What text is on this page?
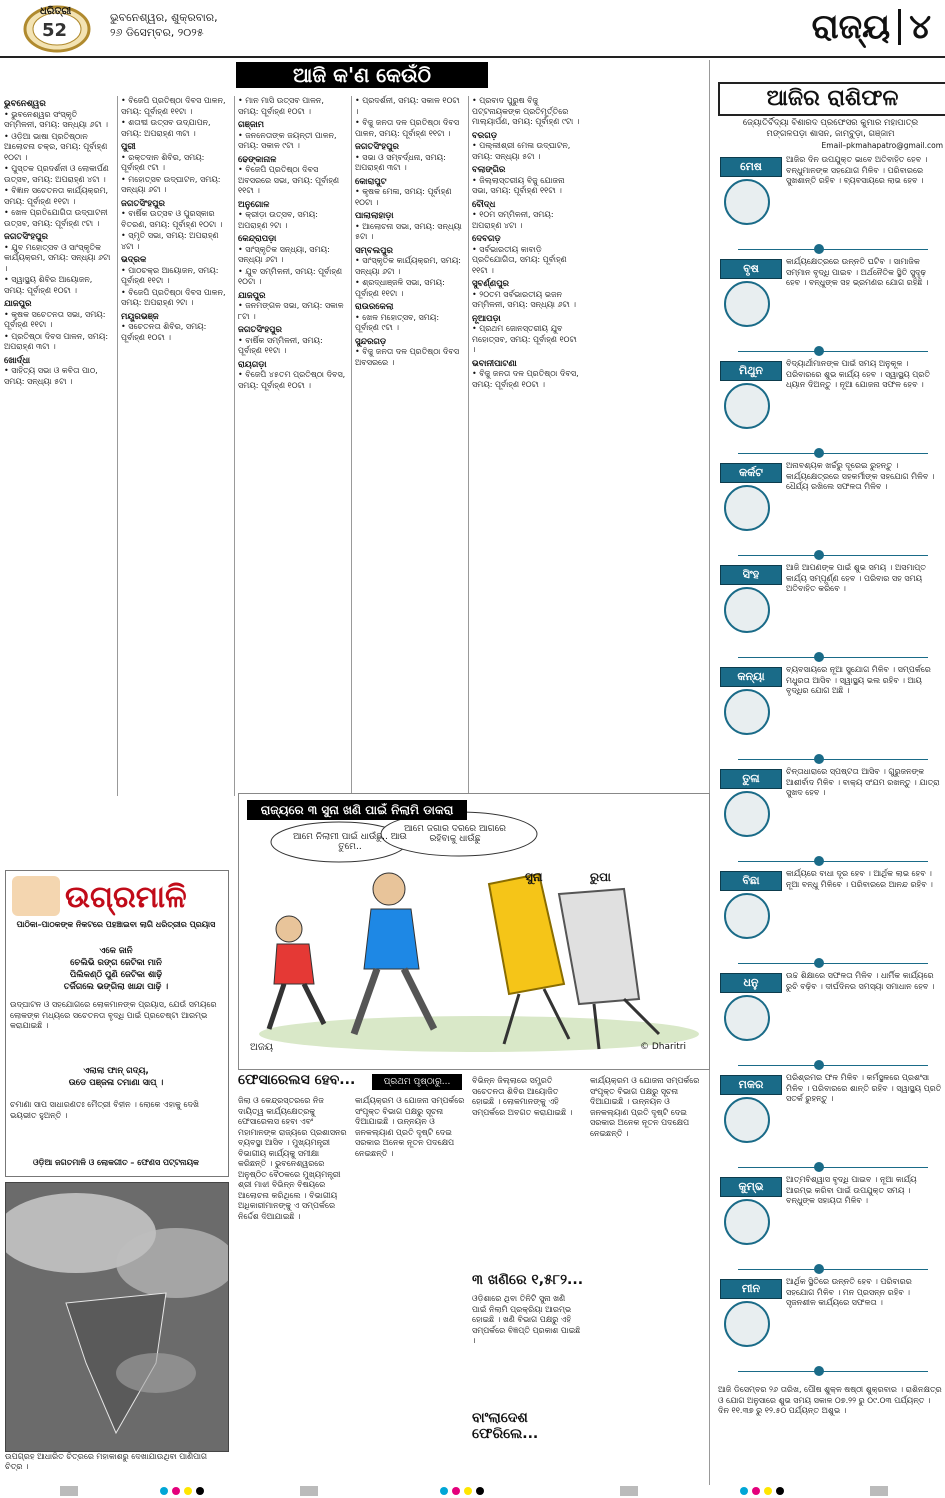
ଧରିତ୍ରୀ
52
ଭୁବନେଶ୍ୱର, ଶୁକ୍ରବାର,
୨୬ ଡିସେମ୍ବର, ୨୦୨୫	ରାଜ୍ୟ ୪
ଆଜି କ'ଣ କେଉଁଠି
ଭୁବନେଶ୍ୱର
• ଭୁବନେଶ୍ୱର ସଂସ୍କୃତି ସମ୍ମିଳନୀ, ସମୟ: ସନ୍ଧ୍ୟା ୬ଟା ।
• ଓଡ଼ିଆ ଭାଷା ପ୍ରତିଷ୍ଠାନ ଆଲୋଚନା ଚକ୍ର, ସମୟ: ପୂର୍ବାହ୍ଣ ୧୦ଟା ।
• ପୁସ୍ତକ ପ୍ରଦର୍ଶନୀ ଓ ଲୋକାର୍ପଣ ଉତ୍ସବ, ସମୟ: ଅପରାହ୍ଣ ୪ଟା ।
• ବିଜ୍ଞାନ ସଚେତନତା କାର୍ଯ୍ୟକ୍ରମ, ସମୟ: ପୂର୍ବାହ୍ଣ ୧୧ଟା ।
• ଖେଳ ପ୍ରତିଯୋଗିତା ଉଦ୍‌ଘାଟନୀ ଉତ୍ସବ, ସମୟ: ପୂର୍ବାହ୍ଣ ୯ଟା ।
ଜଗତସିଂହପୁର
• ଯୁବ ମହୋତ୍ସବ ଓ ସାଂସ୍କୃତିକ କାର୍ଯ୍ୟକ୍ରମ, ସମୟ: ସନ୍ଧ୍ୟା ୬ଟା ।
• ସ୍ୱାସ୍ଥ୍ୟ ଶିବିର ଆୟୋଜନ, ସମୟ: ପୂର୍ବାହ୍ଣ ୧୦ଟା ।
ଯାଜପୁର
• କୃଷକ ସଚେତନତା ସଭା, ସମୟ: ପୂର୍ବାହ୍ଣ ୧୧ଟା ।
• ପ୍ରତିଷ୍ଠା ଦିବସ ପାଳନ, ସମୟ: ଅପରାହ୍ଣ ୩ଟା ।
ଖୋର୍ଦ୍ଧା
• ସାହିତ୍ୟ ସଭା ଓ କବିତା ପାଠ, ସମୟ: ସନ୍ଧ୍ୟା ୫ଟା ।
• ବିଜେପି ପ୍ରତିଷ୍ଠା ଦିବସ ପାଳନ, ସମୟ: ପୂର୍ବାହ୍ଣ ୧୧ଟା ।
• ଶତାବ୍ଦୀ ଉତ୍ସବ ଉଦ୍‌ଯାପନ, ସମୟ: ଅପରାହ୍ଣ ୩ଟା ।
ପୁରୀ
• ରକ୍ତଦାନ ଶିବିର, ସମୟ: ପୂର୍ବାହ୍ଣ ୯ଟା ।
• ମହୋତ୍ସବ ଉଦ୍‌ଘାଟନ, ସମୟ: ସନ୍ଧ୍ୟା ୬ଟା ।
ଜଗତସିଂହପୁର
• ବାର୍ଷିକ ଉତ୍ସବ ଓ ପୁରସ୍କାର ବିତରଣ, ସମୟ: ପୂର୍ବାହ୍ଣ ୧୦ଟା ।
• ସ୍ମୃତି ସଭା, ସମୟ: ଅପରାହ୍ଣ ୪ଟା ।
ଭଦ୍ରକ
• ପାଠଚକ୍ର ଆୟୋଜନ, ସମୟ: ପୂର୍ବାହ୍ଣ ୧୧ଟା ।
• ବିଜେପି ପ୍ରତିଷ୍ଠା ଦିବସ ପାଳନ, ସମୟ: ଅପରାହ୍ଣ ୨ଟା ।
ମୟୂରଭଞ୍ଜ
• ସଚେତନତା ଶିବିର, ସମୟ: ପୂର୍ବାହ୍ଣ ୧୦ଟା ।
• ମାନ ମାସି ଉତ୍ସବ ପାଳନ, ସମୟ: ପୂର୍ବାହ୍ଣ ୧୦ଟା ।
ଗଞ୍ଜାମ
• ଜନନେତାଙ୍କ ଜୟନ୍ତୀ ପାଳନ, ସମୟ: ସକାଳ ୯ଟା ।
ଢେଙ୍କାନାଳ
• ବିଜେପି ପ୍ରତିଷ୍ଠା ଦିବସ ଅବସରରେ ସଭା, ସମୟ: ପୂର୍ବାହ୍ଣ ୧୧ଟା ।
ଅନୁଗୋଳ
• କ୍ରୀଡ଼ା ଉତ୍ସବ, ସମୟ: ଅପରାହ୍ଣ ୨ଟା ।
କେନ୍ଦ୍ରାପଡ଼ା
• ସାଂସ୍କୃତିକ ସନ୍ଧ୍ୟା, ସମୟ: ସନ୍ଧ୍ୟା ୬ଟା ।
• ଯୁବ ସମ୍ମିଳନୀ, ସମୟ: ପୂର୍ବାହ୍ଣ ୧୦ଟା ।
ଯାଜପୁର
• ଜନମଙ୍ଗଳ ସଭା, ସମୟ: ସକାଳ ୮ଟା ।
ଜଗତସିଂହପୁର
• ବାର୍ଷିକ ସମ୍ମିଳନୀ, ସମୟ: ପୂର୍ବାହ୍ଣ ୧୧ଟା ।
ରାୟଗଡ଼ା
• ବିଜେପି ୪୫ତମ ପ୍ରତିଷ୍ଠା ଦିବସ, ସମୟ: ପୂର୍ବାହ୍ଣ ୧୦ଟା ।
• ପ୍ରଦର୍ଶନୀ, ସମୟ: ସକାଳ ୧୦ଟା ।
• ବିଜୁ ଜନତା ଦଳ ପ୍ରତିଷ୍ଠା ଦିବସ ପାଳନ, ସମୟ: ପୂର୍ବାହ୍ଣ ୧୧ଟା ।
ଜଗତସିଂହପୁର
• ସଭା ଓ ସମ୍ବର୍ଦ୍ଧନା, ସମୟ: ଅପରାହ୍ଣ ୩ଟା ।
କୋରାପୁଟ
• କୃଷକ ମେଳା, ସମୟ: ପୂର୍ବାହ୍ଣ ୧୦ଟା ।
ପାଲାଲାହାଡ଼ା
• ଆଲୋଚନା ସଭା, ସମୟ: ସନ୍ଧ୍ୟା ୫ଟା ।
ସମ୍ବଲପୁର
• ସାଂସ୍କୃତିକ କାର୍ଯ୍ୟକ୍ରମ, ସମୟ: ସନ୍ଧ୍ୟା ୬ଟା ।
• ଶ୍ରଦ୍ଧାଞ୍ଜଳି ସଭା, ସମୟ: ପୂର୍ବାହ୍ଣ ୧୧ଟା ।
ରାଉରକେଲା
• ଖେଳ ମହୋତ୍ସବ, ସମୟ: ପୂର୍ବାହ୍ଣ ୯ଟା ।
ସୁନ୍ଦରଗଡ଼
• ବିଜୁ ଜନତା ଦଳ ପ୍ରତିଷ୍ଠା ଦିବସ ଅବସରରେ ।
• ପ୍ରବାଦ ପୁରୁଷ ବିଜୁ ପଟ୍ଟନାୟକଙ୍କ ପ୍ରତିମୂର୍ତ୍ତିରେ ମାଲ୍ୟାର୍ପଣ, ସମୟ: ପୂର୍ବାହ୍ଣ ୯ଟା ।
ବରଗଡ଼
• ପଲ୍ଲୀଶ୍ରୀ ମେଳା ଉଦ୍‌ଘାଟନ, ସମୟ: ସନ୍ଧ୍ୟା ୫ଟା ।
ବଲାଙ୍ଗିର
• ଜିଲ୍ଲାସ୍ତରୀୟ ବିଜୁ ଯୋଜନା ସଭା, ସମୟ: ପୂର୍ବାହ୍ଣ ୧୧ଟା ।
ବୌଦ୍ଧ
• ୧୦ମ ସମ୍ମିଳନୀ, ସମୟ: ଅପରାହ୍ଣ ୪ଟା ।
ଦେବଗଡ଼
• ସର୍ବଭାରତୀୟ କାବାଡ଼ି ପ୍ରତିଯୋଗିତା, ସମୟ: ପୂର୍ବାହ୍ଣ ୧୧ଟା ।
ସୁବର୍ଣ୍ଣପୁର
• ୨୦ତମ ସର୍ବଭାରତୀୟ ଭଜନ ସମ୍ମିଳନୀ, ସମୟ: ସନ୍ଧ୍ୟା ୬ଟା ।
ନୂଆପଡ଼ା
• ପ୍ରଥମ ଜୋନସ୍ତରୀୟ ଯୁବ ମହୋତ୍ସବ, ସମୟ: ପୂର୍ବାହ୍ଣ ୧୦ଟା ।
ଭବାନୀପାଟଣା
• ବିଜୁ ଜନତା ଦଳ ପ୍ରତିଷ୍ଠା ଦିବସ, ସମୟ: ପୂର୍ବାହ୍ଣ ୧୦ଟା ।
ରାଜ୍ୟରେ ୩ ସୁନା ଖଣି ପାଇଁ ନିଲାମି ଡାକରା
ଆମେ ନିଲାମୀ ପାଇଁ ଧାଉଁଛୁ.. ଆଉ ତୁମେ..
ଆମେ ଜଗାର ଦରରେ ଆଗରେ ରହିବାକୁ ଧାଉଁଛୁ
ସୁନା	ରୁପା
© Dharitri
ଅଜୟ
ଉଗ୍ରମାଳି
ପାଠିକା–ପାଠକଙ୍କ ନିକଟରେ ପହଞ୍ଚାଇବା ଲାଗି ଧରିତ୍ରୀର ପ୍ରୟାସ
ଏକେ ଜାନି
ଚେଲିଭି ରଙ୍ଗ ଜେଟିକା ମାନି
ପିଲିକଣ୍ଠି ପୁଣି ଜେଟିକା ଶାଢ଼ି
ତର୍ଜିଗଲେ ଭଙ୍ଗିଲା ଖାନ୍ଦା ପାଢ଼ି ।
ଉଦ୍‌ଘାଟନ ଓ ସହଯୋଗରେ ଲୋକମାନଙ୍କ ପ୍ରୟାସ, ଯେଉଁ ସମୟରେ ଲୋକଙ୍କ ମଧ୍ୟରେ ସଚେତନତା ବୃଦ୍ଧି ପାଇଁ ପ୍ରଚେଷ୍ଟା ଆରମ୍ଭ କରାଯାଇଛି ।
ଏଲାଲା ଫାନ୍‌ ଗଦ୍ୟ,
ଉଡେ ପଞ୍ଜଳା ତମାଣା ସାପ୍‌ ।
ଚମାଣା ସାପ ସାଧାରଣତଃ ମୈତ୍ରୀ ବିହୀନ । ଲୋକେ ଏହାକୁ ଦେଖି ଭୟଭୀତ ହୁଅନ୍ତି ।
ଓଡ଼ିଆ ଜଗତମାଳି ଓ ଲୋକଗୀତ – ଫେଣସ ପଟ୍ଟନାୟକ
ଉପଗ୍ରହ ଆଧାରିତ ଚିତ୍ରରେ ମହାକାଶରୁ ଦେଖାଯାଉଥିବା ପାଣିପାଗ ଚିତ୍ର ।
ଫେସାରେଲସ ହେବ...	ପ୍ରଥମ ପୃଷ୍ଠାରୁ...
ଜିଲା ଓ କେନ୍ଦ୍ରସ୍ତରରେ ନିଜ ଦାୟିତ୍ୱ କାର୍ଯ୍ୟକ୍ଷେତ୍ରକୁ ଫେସାରେଲସ ହେବା ଏବଂ ମହାମାନଙ୍କ ରାଜ୍ୟରେ ପ୍ରଶାସନର ବ୍ୟବସ୍ଥା ଆସିବ । ମୁଖ୍ୟମନ୍ତ୍ରୀ ବିଭାଗୀୟ କାର୍ଯ୍ୟକୁ ସମୀକ୍ଷା କରିଛନ୍ତି । ଭୁବନେଶ୍ୱରରେ ଅନୁଷ୍ଠିତ ବୈଠକରେ ମୁଖ୍ୟମନ୍ତ୍ରୀ ଶ୍ରୀ ମାଝୀ ବିଭିନ୍ନ ବିଷୟରେ ଆଲୋଚନା କରିଥିଲେ । ବିଭାଗୀୟ ଅଧିକାରୀମାନଙ୍କୁ ଏ ସମ୍ପର୍କରେ ନିର୍ଦ୍ଦେଶ ଦିଆଯାଇଛି ।
କାର୍ଯ୍ୟକ୍ରମ ଓ ଯୋଜନା ସମ୍ପର୍କରେ ସଂପୃକ୍ତ ବିଭାଗ ପକ୍ଷରୁ ସୂଚନା ଦିଆଯାଇଛି । ଉନ୍ନୟନ ଓ ଜନକଲ୍ୟାଣ ପ୍ରତି ଦୃଷ୍ଟି ଦେଇ ସରକାର ଅନେକ ନୂତନ ପଦକ୍ଷେପ ନେଇଛନ୍ତି ।
ବିଭିନ୍ନ ଜିଲ୍ଲାରେ ସମ୍ପ୍ରତି ସଚେତନତା ଶିବିର ଆୟୋଜିତ ହୋଇଛି । ଲୋକମାନଙ୍କୁ ଏହି ସମ୍ପର୍କରେ ଅବଗତ କରାଯାଇଛି ।
୩ ଖଣିରେ ୧,୫୮୨...
ଓଡ଼ିଶାରେ ଥିବା ତିନିଟି ସୁନା ଖଣି ପାଇଁ ନିଲାମି ପ୍ରକ୍ରିୟା ଆରମ୍ଭ ହୋଇଛି । ଖଣି ବିଭାଗ ପକ୍ଷରୁ ଏହି ସମ୍ପର୍କରେ ବିଜ୍ଞପ୍ତି ପ୍ରକାଶ ପାଇଛି ।
ବାଂଲାଦେଶ ଫେରିଲେ...
କାର୍ଯ୍ୟକ୍ରମ ଓ ଯୋଜନା ସମ୍ପର୍କରେ ସଂପୃକ୍ତ ବିଭାଗ ପକ୍ଷରୁ ସୂଚନା ଦିଆଯାଇଛି । ଉନ୍ନୟନ ଓ ଜନକଲ୍ୟାଣ ପ୍ରତି ଦୃଷ୍ଟି ଦେଇ ସରକାର ଅନେକ ନୂତନ ପଦକ୍ଷେପ ନେଇଛନ୍ତି ।
ଆଜିର ରାଶିଫଳ
ଜ୍ୟୋତିର୍ବିଦ୍ୟା ବିଶାରଦ ପ୍ରଫେସର କୁମାର ମହାପାତ୍ର
ମଙ୍ଗଳପଡ଼ା ଶାସନ, ଜାମ୍ବୁଡ଼ା, ଗଞ୍ଜାମ
Email–pkmahapatro@gmail.com
ମେଷ
ଆଜିର ଦିନ ଉପଯୁକ୍ତ ଭାବେ ଅତିବାହିତ ହେବ । ବନ୍ଧୁମାନଙ୍କ ସହଯୋଗ ମିଳିବ । ପରିବାରରେ ସୁଖଶାନ୍ତି ରହିବ । ବ୍ୟବସାୟରେ ଲାଭ ହେବ ।
ବୃଷ
କାର୍ଯ୍ୟକ୍ଷେତ୍ରରେ ଉନ୍ନତି ଘଟିବ । ସାମାଜିକ ସମ୍ମାନ ବୃଦ୍ଧି ପାଇବ । ଅର୍ଥନୈତିକ ସ୍ଥିତି ସୁଦୃଢ଼ ହେବ । ବନ୍ଧୁଙ୍କ ସହ ଭ୍ରମଣର ଯୋଗ ରହିଛି ।
ମିଥୁନ
ବିଦ୍ୟାର୍ଥୀମାନଙ୍କ ପାଇଁ ସମୟ ଅନୁକୂଳ । ପରିବାରରେ ଶୁଭ କାର୍ଯ୍ୟ ହେବ । ସ୍ୱାସ୍ଥ୍ୟ ପ୍ରତି ଧ୍ୟାନ ଦିଅନ୍ତୁ । ନୂଆ ଯୋଜନା ସଫଳ ହେବ ।
କର୍କଟ
ଅନାବଶ୍ୟକ ଖର୍ଚ୍ଚରୁ ଦୂରେଇ ରୁହନ୍ତୁ । କାର୍ଯ୍ୟକ୍ଷେତ୍ରରେ ସହକର୍ମୀଙ୍କ ସହଯୋଗ ମିଳିବ । ଧୈର୍ଯ୍ୟ ରଖିଲେ ସଫଳତା ମିଳିବ ।
ସିଂହ
ଆଜି ଆପଣଙ୍କ ପାଇଁ ଶୁଭ ସମୟ । ଅସମାପ୍ତ କାର୍ଯ୍ୟ ସମ୍ପୂର୍ଣ୍ଣ ହେବ । ପରିବାର ସହ ସମୟ ଅତିବାହିତ କରିବେ ।
କନ୍ୟା
ବ୍ୟବସାୟରେ ନୂଆ ସୁଯୋଗ ମିଳିବ । ସମ୍ପର୍କରେ ମଧୁରତା ଆସିବ । ସ୍ୱାସ୍ଥ୍ୟ ଭଲ ରହିବ । ଆୟ ବୃଦ୍ଧିର ଯୋଗ ଅଛି ।
ତୁଳା
ଚିନ୍ତାଧାରାରେ ସ୍ପଷ୍ଟତା ଆସିବ । ଗୁରୁଜନଙ୍କ ଆଶୀର୍ବାଦ ମିଳିବ । ବାକ୍ୟ ସଂଯମ ରଖନ୍ତୁ । ଯାତ୍ରା ସୁଖଦ ହେବ ।
ବିଛା
କାର୍ଯ୍ୟରେ ବାଧା ଦୂର ହେବ । ଆର୍ଥିକ ଲାଭ ହେବ । ନୂଆ ବନ୍ଧୁ ମିଳିବେ । ପରିବାରରେ ଆନନ୍ଦ ରହିବ ।
ଧନୁ
ଉଚ୍ଚ ଶିକ୍ଷାରେ ସଫଳତା ମିଳିବ । ଧାର୍ମିକ କାର୍ଯ୍ୟରେ ରୁଚି ବଢ଼ିବ । ଦୀର୍ଘଦିନର ସମସ୍ୟା ସମାଧାନ ହେବ ।
ମକର
ପରିଶ୍ରମର ଫଳ ମିଳିବ । କର୍ମସ୍ଥଳରେ ପ୍ରଶଂସା ମିଳିବ । ପରିବାରରେ ଶାନ୍ତି ରହିବ । ସ୍ୱାସ୍ଥ୍ୟ ପ୍ରତି ସତର୍କ ରୁହନ୍ତୁ ।
କୁମ୍ଭ
ଆତ୍ମବିଶ୍ୱାସ ବୃଦ୍ଧି ପାଇବ । ନୂଆ କାର୍ଯ୍ୟ ଆରମ୍ଭ କରିବା ପାଇଁ ଉପଯୁକ୍ତ ସମୟ । ବନ୍ଧୁଙ୍କ ସହାୟତା ମିଳିବ ।
ମୀନ
ଆର୍ଥିକ ସ୍ଥିତିରେ ଉନ୍ନତି ହେବ । ପରିବାରର ସହଯୋଗ ମିଳିବ । ମନ ପ୍ରସନ୍ନ ରହିବ । ସୃଜନଶୀଳ କାର୍ଯ୍ୟରେ ସଫଳତା ।
ଆଜି ଡିସେମ୍ବର ୨୬ ତାରିଖ, ପୌଷ ଶୁକ୍ଳ ଷଷ୍ଠୀ ଶୁକ୍ରବାର । ରାଶିନକ୍ଷତ୍ର ଓ ଯୋଗ ଅନୁସାରେ ଶୁଭ ସମୟ ସକାଳ ୦୭.୨୨ ରୁ ୦୯.୦୩ ପର୍ଯ୍ୟନ୍ତ । ଦିନ ୧୧.୩୭ ରୁ ୧୨.୫୦ ପର୍ଯ୍ୟନ୍ତ ଅଶୁଭ ।
